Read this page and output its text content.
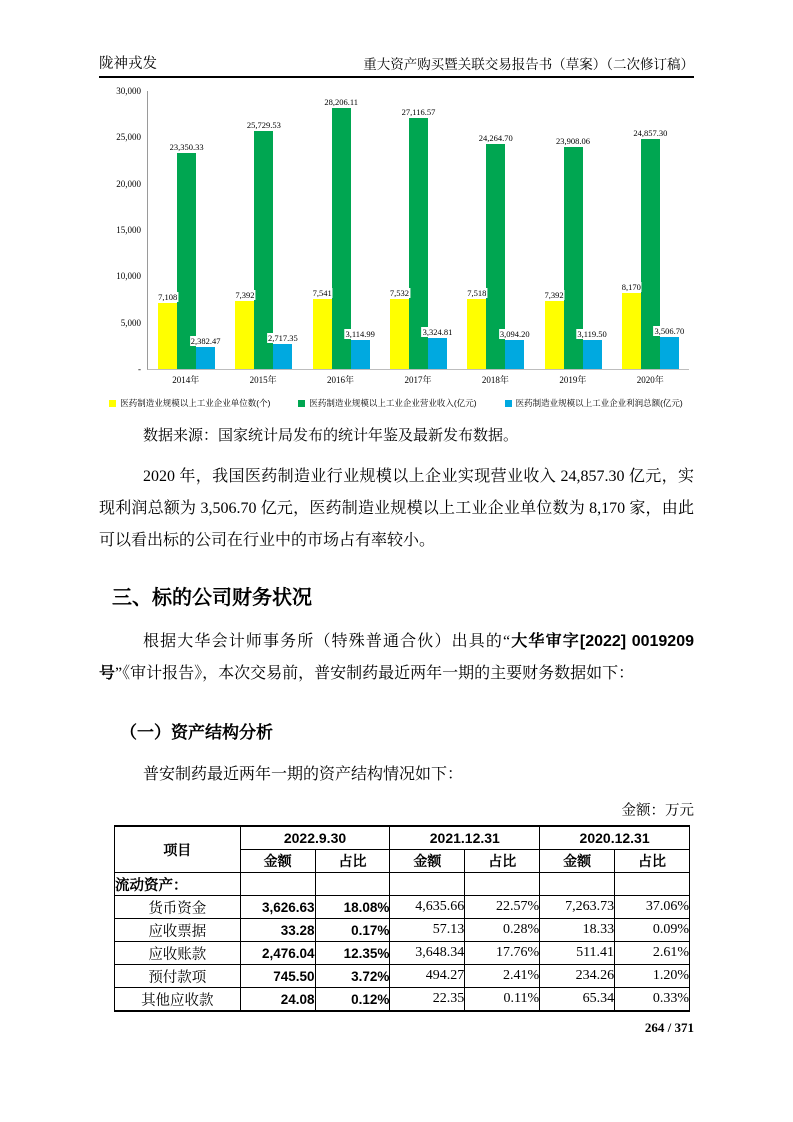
陇神戎发	重大资产购买暨关联交易报告书（草案）（二次修订稿）
-
5,000
10,000
15,000
20,000
25,000
30,000
7,108
23,350.33
2,382.47
7,392
25,729.53
2,717.35
7,541
28,206.11
3,114.99
7,532
27,116.57
3,324.81
7,518
24,264.70
3,094.20
7,392
23,908.06
3,119.50
8,170
24,857.30
3,506.70
2014年	2015年	2016年	2017年	2018年	2019年	2020年
医药制造业规模以上工业企业单位数(个)	医药制造业规模以上工业企业营业收入(亿元)	医药制造业规模以上工业企业利润总额(亿元)
数据来源：国家统计局发布的统计年鉴及最新发布数据。

2020 年，我国医药制造业行业规模以上企业实现营业收入 24,857.30 亿元，实现利润总额为 3,506.70 亿元，医药制造业规模以上工业企业单位数为 8,170 家，由此可以看出标的公司在行业中的市场占有率较小。

三、标的公司财务状况

根据大华会计师事务所（特殊普通合伙）出具的“大华审字[2022] 0019209 号”《审计报告》，本次交易前，普安制药最近两年一期的主要财务数据如下：

（一）资产结构分析

普安制药最近两年一期的资产结构情况如下：

金额：万元
项目	2022.9.30		2021.12.31		2020.12.31	
	金额	占比	金额	占比	金额	占比
流动资产：						
货币资金	3,626.63	18.08%	4,635.66	22.57%	7,263.73	37.06%
应收票据	33.28	0.17%	57.13	0.28%	18.33	0.09%
应收账款	2,476.04	12.35%	3,648.34	17.76%	511.41	2.61%
预付款项	745.50	3.72%	494.27	2.41%	234.26	1.20%
其他应收款	24.08	0.12%	22.35	0.11%	65.34	0.33%
264 / 371
